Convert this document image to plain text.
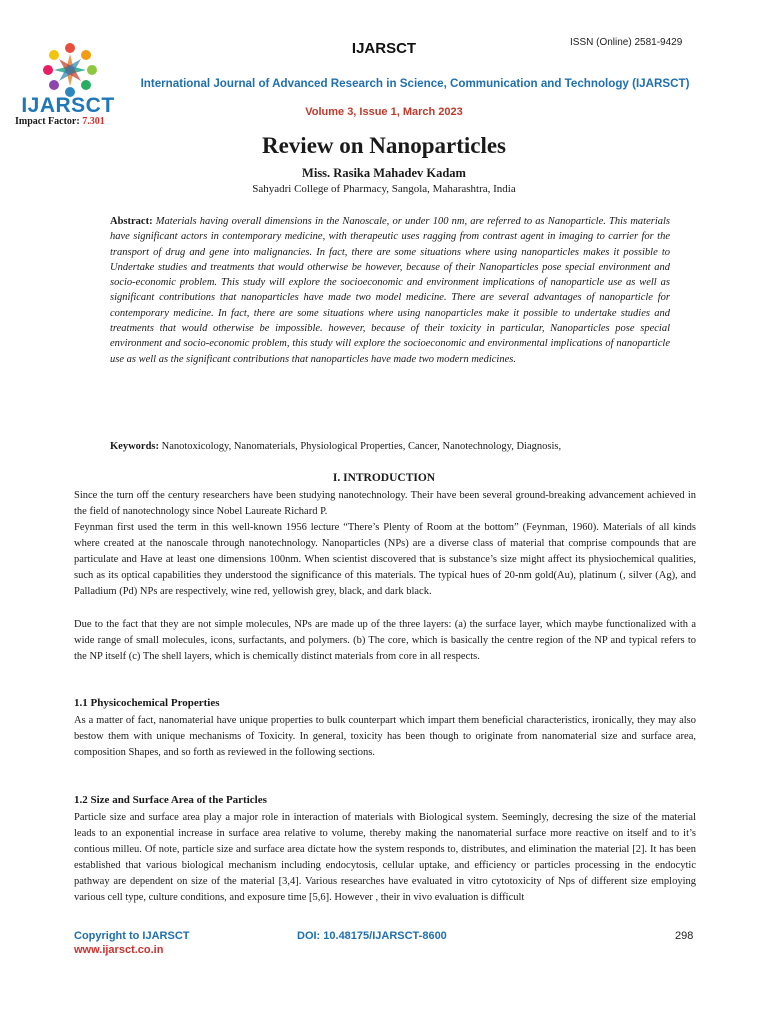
IJARSCT
Impact Factor: 7.301
IJARSCT	ISSN (Online) 2581-9429
International Journal of Advanced Research in Science, Communication and Technology (IJARSCT)
Volume 3, Issue 1, March 2023
Review on Nanoparticles
Miss. Rasika Mahadev Kadam
Sahyadri College of Pharmacy, Sangola, Maharashtra, India
Abstract: Materials having overall dimensions in the Nanoscale, or under 100 nm, are referred to as Nanoparticle. This materials have significant actors in contemporary medicine, with therapeutic uses ragging from contrast agent in imaging to carrier for the transport of drug and gene into malignancies. In fact, there are some situations where using nanoparticles makes it possible to Undertake studies and treatments that would otherwise be however, because of their Nanoparticles pose special environment and socio-economic problem. This study will explore the socioeconomic and environment implications of nanoparticle use as well as significant contributions that nanoparticles have made two model medicine. There are several advantages of nanoparticle for contemporary medicine. In fact, there are some situations where using nanoparticles make it possible to undertake studies and treatments that would otherwise be impossible. however, because of their toxicity in particular, Nanoparticles pose special environment and socio-economic problem, this study will explore the socioeconomic and environmental implications of nanoparticle use as well as the significant contributions that nanoparticles have made two modern medicines.
Keywords: Nanotoxicology, Nanomaterials, Physiological Properties, Cancer, Nanotechnology, Diagnosis,
I. INTRODUCTION
Since the turn off the century researchers have been studying nanotechnology. Their have been several ground-breaking advancement achieved in the field of nanotechnology since Nobel Laureate Richard P.
Feynman first used the term in this well-known 1956 lecture “There’s Plenty of Room at the bottom” (Feynman, 1960). Materials of all kinds where created at the nanoscale through nanotechnology. Nanoparticles (NPs) are a diverse class of material that comprise compounds that are particulate and Have at least one dimensions 100nm. When scientist discovered that is substance’s size might affect its physiochemical qualities, such as its optical capabilities they understood the significance of this materials. The typical hues of 20-nm gold(Au), platinum (, silver (Ag), and Palladium (Pd) NPs are respectively, wine red, yellowish grey, black, and dark black.
Due to the fact that they are not simple molecules, NPs are made up of the three layers: (a) the surface layer, which maybe functionalized with a wide range of small molecules, icons, surfactants, and polymers. (b) The core, which is basically the centre region of the NP and typical refers to the NP itself (c) The shell layers, which is chemically distinct materials from core in all respects.
1.1 Physicochemical Properties
As a matter of fact, nanomaterial have unique properties to bulk counterpart which impart them beneficial characteristics, ironically, they may also bestow them with unique mechanisms of Toxicity. In general, toxicity has been though to originate from nanomaterial size and surface area, composition Shapes, and so forth as reviewed in the following sections.
1.2 Size and Surface Area of the Particles
Particle size and surface area play a major role in interaction of materials with Biological system. Seemingly, decresing the size of the material leads to an exponential increase in surface area relative to volume, thereby making the nanomaterial surface more reactive on itself and to it’s contious milleu. Of note, particle size and surface area dictate how the system responds to, distributes, and elimination the material [2]. It has been established that various biological mechanism including endocytosis, cellular uptake, and efficiency or particles processing in the endocytic pathway are dependent on size of the material [3,4]. Various researches have evaluated in vitro cytotoxicity of Nps of different size employing various cell type, culture conditions, and exposure time [5,6]. However , their in vivo evaluation is difficult
Copyright to IJARSCT
www.ijarsct.co.in
DOI: 10.48175/IJARSCT-8600	298
